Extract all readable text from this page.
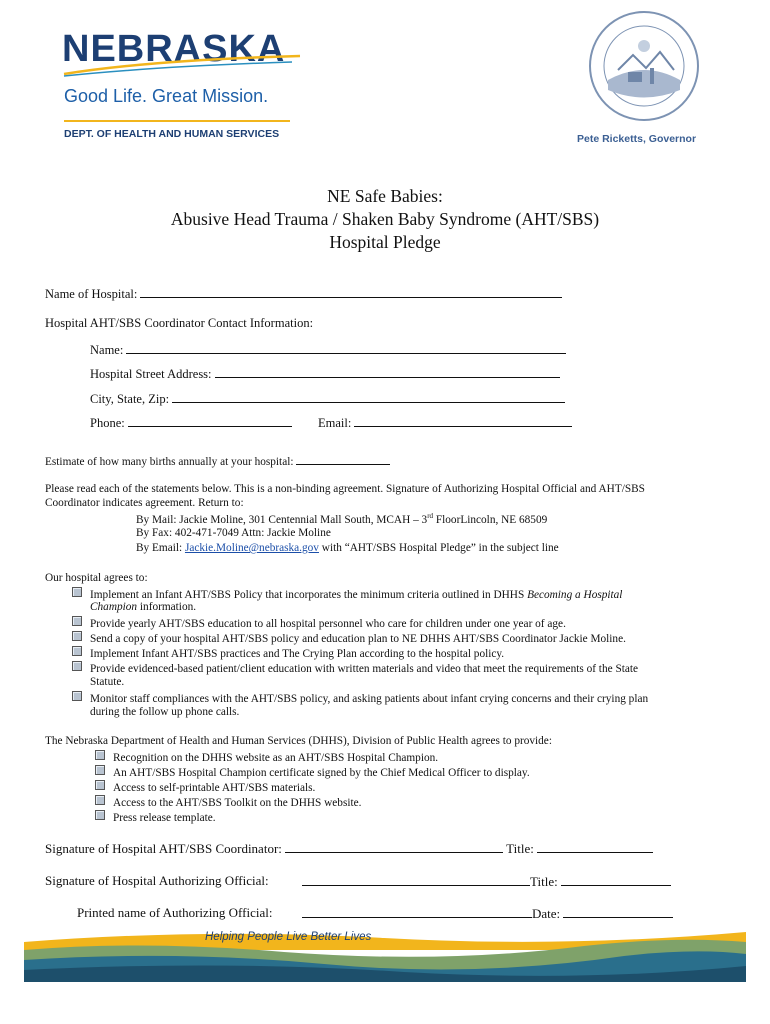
NEBRASKA
Good Life. Great Mission.
DEPT. OF HEALTH AND HUMAN SERVICES	Pete Ricketts, Governor
NE Safe Babies:
Abusive Head Trauma / Shaken Baby Syndrome (AHT/SBS)
Hospital Pledge
Name of Hospital:
Hospital AHT/SBS Coordinator Contact Information:
Name:
Hospital Street Address:
City, State, Zip:
Phone:	Email:
Estimate of how many births annually at your hospital:
Please read each of the statements below. This is a non-binding agreement. Signature of Authorizing Hospital Official and AHT/SBS
Coordinator indicates agreement. Return to:
By Mail: Jackie Moline, 301 Centennial Mall South, MCAH – 3rd FloorLincoln, NE 68509
By Fax: 402-471-7049 Attn: Jackie Moline
By Email: Jackie.Moline@nebraska.gov with “AHT/SBS Hospital Pledge” in the subject line
Our hospital agrees to:
Implement an Infant AHT/SBS Policy that incorporates the minimum criteria outlined in DHHS Becoming a Hospital
Champion information.
Provide yearly AHT/SBS education to all hospital personnel who care for children under one year of age.
Send a copy of your hospital AHT/SBS policy and education plan to NE DHHS AHT/SBS Coordinator Jackie Moline.
Implement Infant AHT/SBS practices and The Crying Plan according to the hospital policy.
Provide evidenced-based patient/client education with written materials and video that meet the requirements of the State
Statute.
Monitor staff compliances with the AHT/SBS policy, and asking patients about infant crying concerns and their crying plan
during the follow up phone calls.
The Nebraska Department of Health and Human Services (DHHS), Division of Public Health agrees to provide:
Recognition on the DHHS website as an AHT/SBS Hospital Champion.
An AHT/SBS Hospital Champion certificate signed by the Chief Medical Officer to display.
Access to self-printable AHT/SBS materials.
Access to the AHT/SBS Toolkit on the DHHS website.
Press release template.
Signature of Hospital AHT/SBS Coordinator:	Title:
Signature of Hospital Authorizing Official:	Title:
Printed name of Authorizing Official:	Date:
Helping People Live Better Lives
